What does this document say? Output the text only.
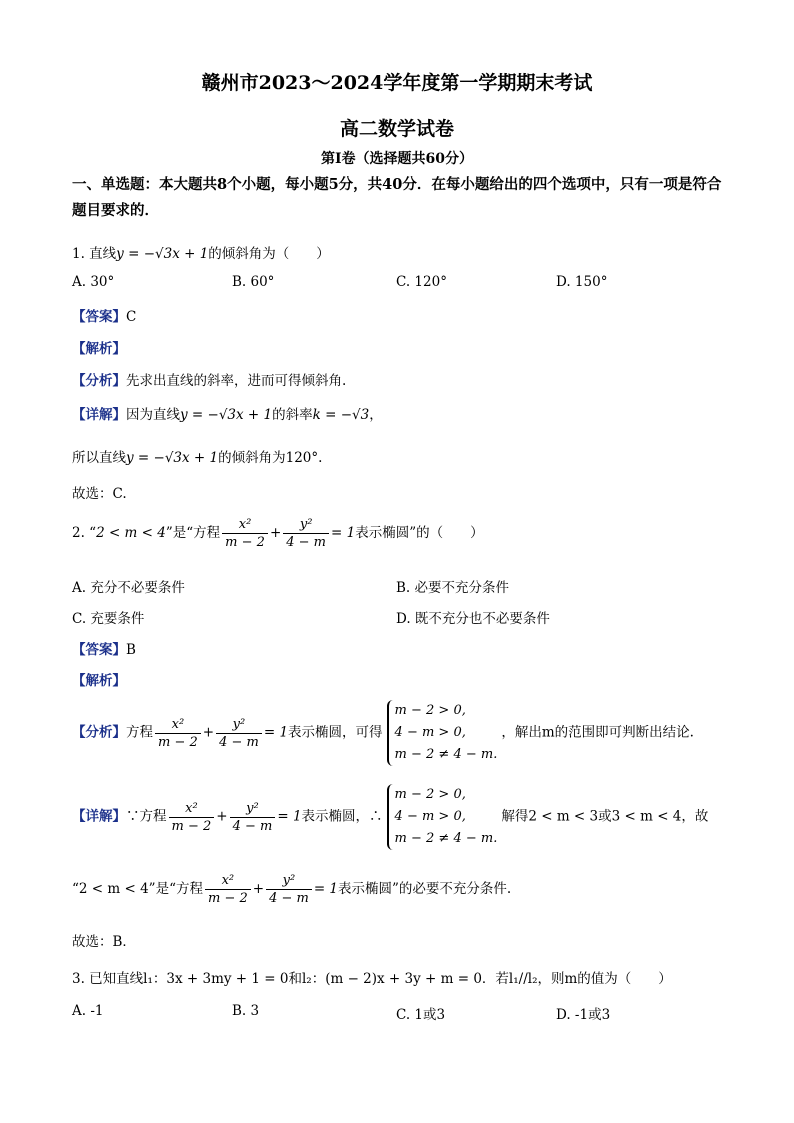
赣州市2023～2024学年度第一学期期末考试
高二数学试卷
第Ⅰ卷（选择题共60分）
一、单选题：本大题共8个小题，每小题5分，共40分．在每小题给出的四个选项中，只有一项是符合题目要求的．
1. 直线y = −√3x + 1的倾斜角为（　　）
A. 30°	B. 60°	C. 120°	D. 150°
【答案】C
【解析】
【分析】先求出直线的斜率，进而可得倾斜角.
【详解】因为直线y = −√3x + 1的斜率k = −√3，
所以直线y = −√3x + 1的倾斜角为120°.
故选：C.
2. “2 < m < 4”是“方程 $\frac{\text{x²}}{m - 2} + \frac{\text{y²}}{4 - m} = 1$表示椭圆”的（　　）
A. 充分不必要条件	B. 必要不充分条件
C. 充要条件	D. 既不充分也不必要条件
【答案】B
【解析】
【分析】方程 $\frac{\text{x²}}{m - 2} + \frac{\text{y²}}{4 - m} = 1$表示椭圆，可得
m − 2 > 0,
4 − m > 0,
m − 2 ≠ 4 − m.
，解出m的范围即可判断出结论.
【详解】∵方程 $\frac{\text{x²}}{m - 2} + \frac{\text{y²}}{4 - m} = 1$表示椭圆，∴
m − 2 > 0,
4 − m > 0,
m − 2 ≠ 4 − m.
解得2 < m < 3或3 < m < 4，故
“2 < m < 4”是“方程 $\frac{\text{x²}}{m - 2} + \frac{\text{y²}}{4 - m} = 1$表示椭圆”的必要不充分条件.
故选：B．
3. 已知直线l₁：3x + 3my + 1 = 0和l₂：(m − 2)x + 3y + m = 0．若l₁//l₂，则m的值为（　　）
A. -1	B. 3	C. 1或3	D. -1或3
